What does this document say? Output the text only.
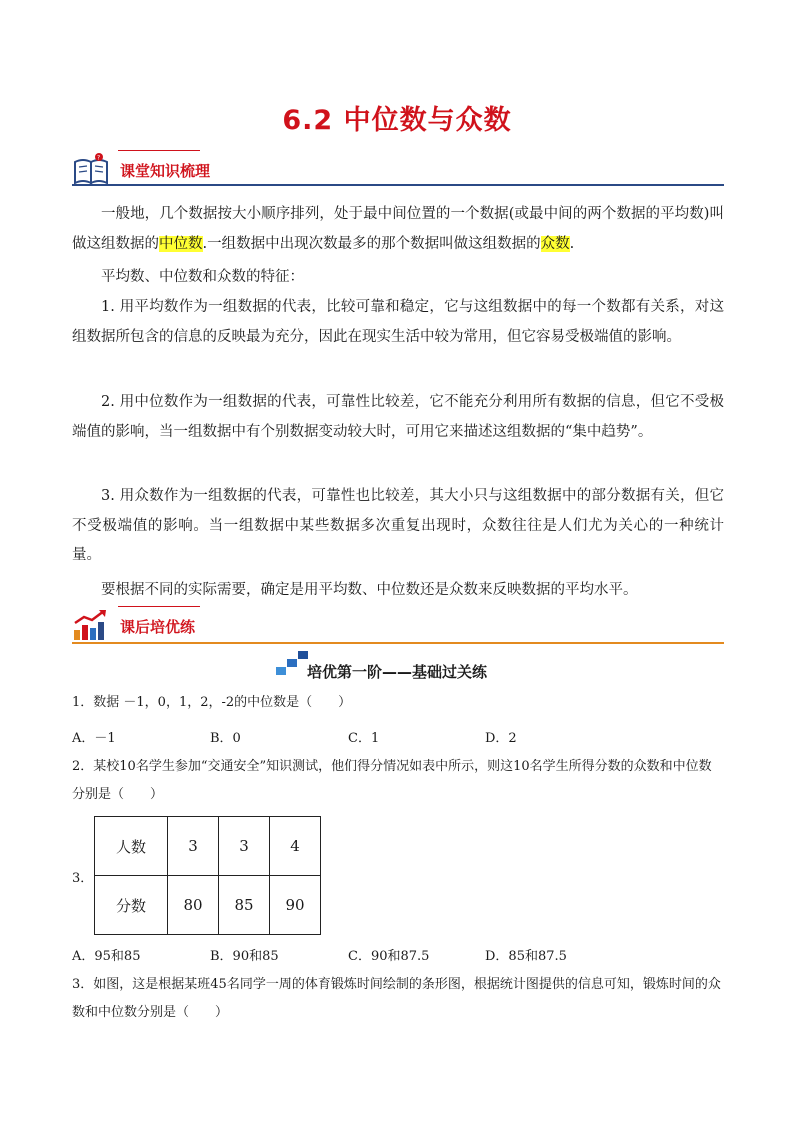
6.2 中位数与众数
?
课堂知识梳理
一般地，几个数据按大小顺序排列，处于最中间位置的一个数据(或最中间的两个数据的平均数)叫做这组数据的中位数.一组数据中出现次数最多的那个数据叫做这组数据的众数.
平均数、中位数和众数的特征：
1. 用平均数作为一组数据的代表，比较可靠和稳定，它与这组数据中的每一个数都有关系，对这组数据所包含的信息的反映最为充分，因此在现实生活中较为常用，但它容易受极端值的影响。
2. 用中位数作为一组数据的代表，可靠性比较差，它不能充分利用所有数据的信息，但它不受极端值的影响，当一组数据中有个别数据变动较大时，可用它来描述这组数据的“集中趋势”。
3. 用众数作为一组数据的代表，可靠性也比较差，其大小只与这组数据中的部分数据有关，但它不受极端值的影响。当一组数据中某些数据多次重复出现时，众数往往是人们尤为关心的一种统计量。
要根据不同的实际需要，确定是用平均数、中位数还是众数来反映数据的平均水平。
课后培优练
培优第一阶——基础过关练
1．数据 －1，0，1，2，-2的中位数是（　　）
A．－1	B．0	C．1	D．2
2．某校10名学生参加“交通安全”知识测试，他们得分情况如表中所示，则这10名学生所得分数的众数和中位数分别是（　　）
3．
人数	3	3	4
分数	80	85	90
A．95和85	B．90和85	C．90和87.5	D．85和87.5
3．如图，这是根据某班45名同学一周的体育锻炼时间绘制的条形图，根据统计图提供的信息可知，锻炼时间的众数和中位数分别是（　　）
